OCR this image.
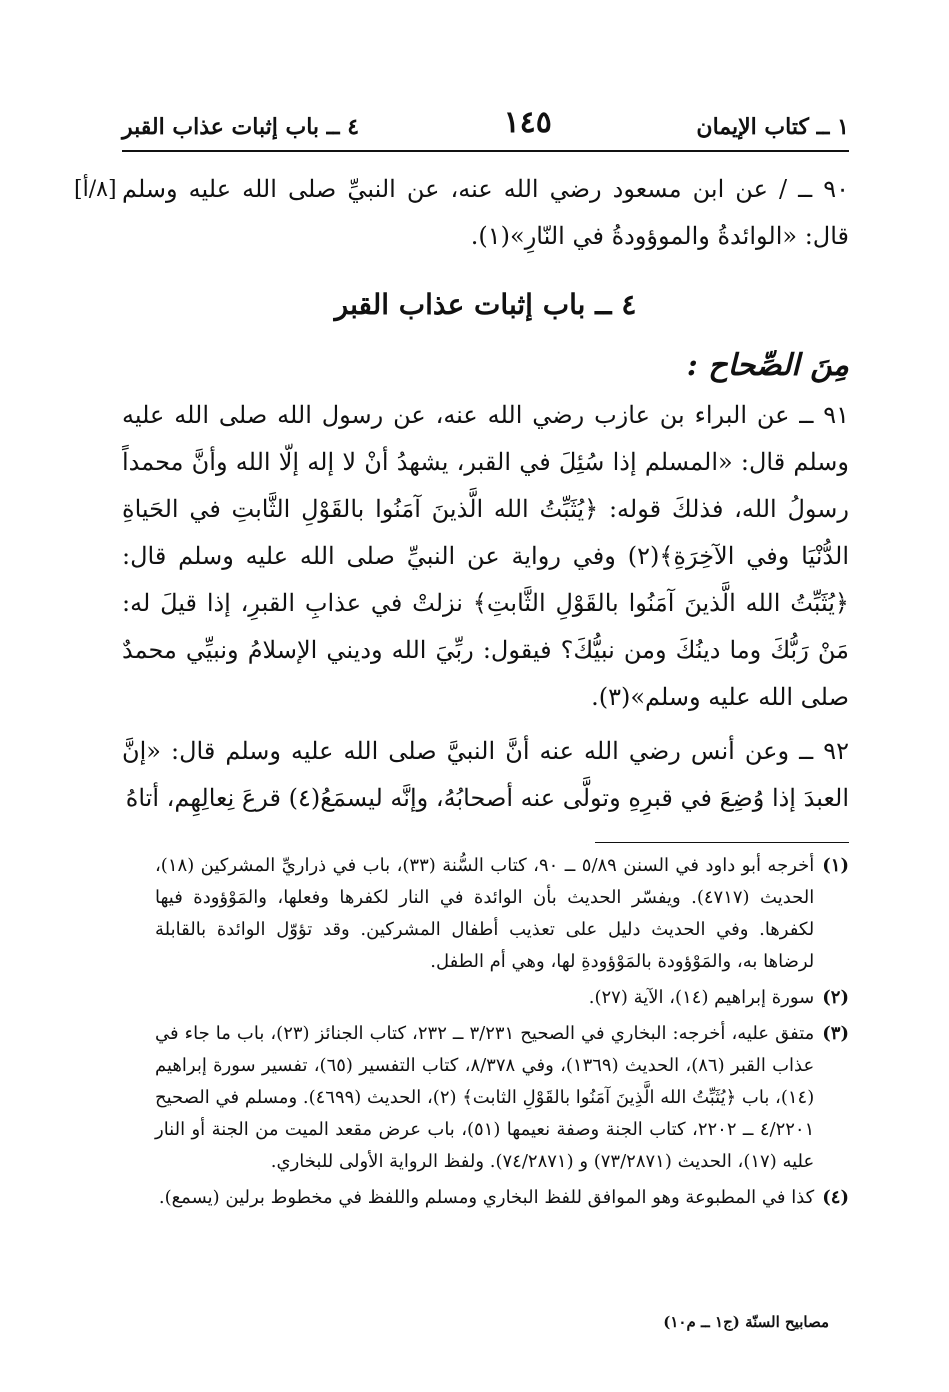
١ ــ كتاب الإيمان
١٤٥
٤ ــ باب إثبات عذاب القبر
[٨/أ] ٩٠ ــ / عن ابن مسعود رضي الله عنه، عن النبيِّ صلى الله عليه وسلم قال: «الوائدةُ والموؤودةُ في النّارِ»(١).

٤ ــ باب إثبات عذاب القبر
مِنَ الصِّحاح :

٩١ ــ عن البراء بن عازب رضي الله عنه، عن رسول الله صلى الله عليه وسلم قال: «المسلم إذا سُئِلَ في القبر، يشهدُ أنْ لا إله إلّا الله وأنَّ محمداً رسولُ الله، فذلكَ قوله: ﴿يُثَبِّتُ الله الَّذينَ آمَنُوا بالقَوْلِ الثَّابتِ في الحَياةِ الدُّنْيَا وفي الآخِرَةِ﴾(٢) وفي رواية عن النبيِّ صلى الله عليه وسلم قال: ﴿يُثَبِّتُ الله الَّذينَ آمَنُوا بالقَوْلِ الثَّابتِ﴾ نزلتْ في عذابِ القبرِ، إذا قيلَ له: مَنْ رَبُّكَ وما دينُكَ ومن نبيُّكَ؟ فيقول: ربِّيَ الله وديني الإسلامُ ونبيِّي محمدٌ صلى الله عليه وسلم»(٣).

٩٢ ــ وعن أنس رضي الله عنه أنَّ النبيَّ صلى الله عليه وسلم قال: «إنَّ العبدَ إذا وُضِعَ في قبرِهِ وتولَّى عنه أصحابُهُ، وإنَّه ليسمَعُ(٤) قرعَ نِعالِهِم، أتاهُ

(١)
أخرجه أبو داود في السنن ٥/٨٩ ــ ٩٠، كتاب السُّنة (٣٣)، باب في ذراريِّ المشركين (١٨)، الحديث (٤٧١٧). ويفسّر الحديث بأن الوائدة في النار لكفرها وفعلها، والمَوْؤودة فيها لكفرها. وفي الحديث دليل على تعذيب أطفال المشركين. وقد تؤوّل الوائدة بالقابلة لرضاها به، والمَوْؤودة بالمَوْؤودةِ لها، وهي أم الطفل.
(٢)
سورة إبراهيم (١٤)، الآية (٢٧).
(٣)
متفق عليه، أخرجه: البخاري في الصحيح ٣/٢٣١ ــ ٢٣٢، كتاب الجنائز (٢٣)، باب ما جاء في عذاب القبر (٨٦)، الحديث (١٣٦٩)، وفي ٨/٣٧٨، كتاب التفسير (٦٥)، تفسير سورة إبراهيم (١٤)، باب ﴿يُثَبِّتُ الله الَّذِينَ آمَنُوا بالقَوْلِ الثابت﴾ (٢)، الحديث (٤٦٩٩). ومسلم في الصحيح ٤/٢٢٠١ ــ ٢٢٠٢، كتاب الجنة وصفة نعيمها (٥١)، باب عرض مقعد الميت من الجنة أو النار عليه (١٧)، الحديث (٧٣/٢٨٧١) و (٧٤/٢٨٧١). ولفظ الرواية الأولى للبخاري.
(٤)
كذا في المطبوعة وهو الموافق للفظ البخاري ومسلم واللفظ في مخطوط برلين (يسمع).
مصابيح السنّة (ج١ ــ م١٠)
